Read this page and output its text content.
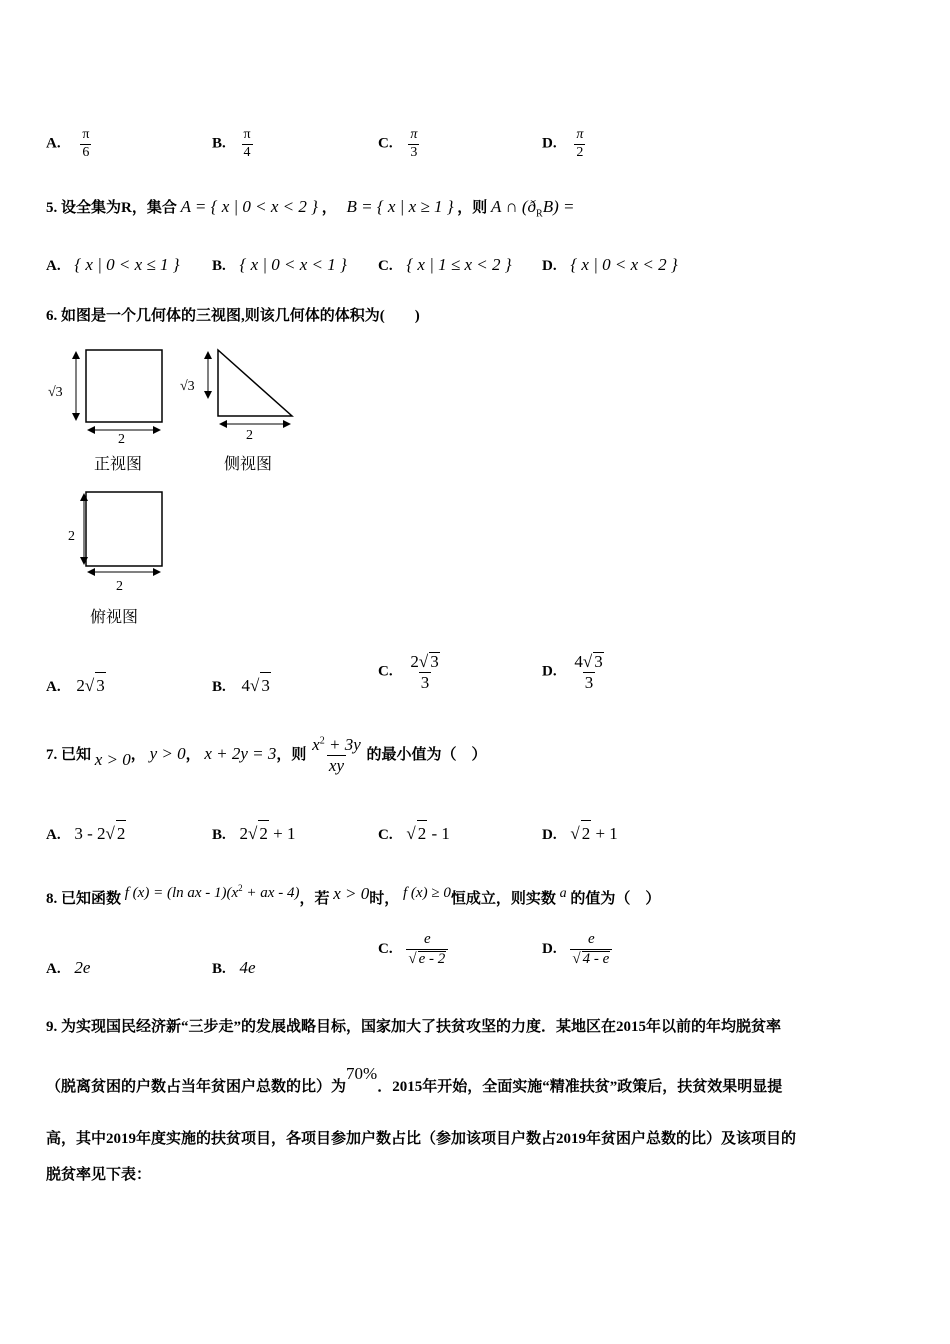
A. $\frac{\pi}{6}$	B. $\frac{\pi}{4}$	C. $\frac{\pi}{3}$	D. $\frac{\pi}{2}$
5. 设全集为R，集合 A = { x | 0 < x < 2 } ， B = { x | x ≥ 1 } ，则 A ∩ $(ð_RB)$ =
A. { x | 0 < x ≤ 1 } B. { x | 0 < x < 1 } C. { x | 1 ≤ x < 2 } D. { x | 0 < x < 2 }
6. 如图是一个几何体的三视图,则该几何体的体积为(　　)
√3
2
正视图
√3
2
侧视图
2
2
俯视图
A. 2√ 3	B. 4√ 3
C. $\frac{2√ 3}{3}$	D. $\frac{4√ 3}{3}$
7. 已知 x > 0， y > 0， x + 2y = 3，则 $\frac{x^2 + 3y}{xy}$ 的最小值为（　）
A. 3 - 2√ 2	B. 2√ 2 + 1	C. √ 2 - 1	D. √ 2 + 1
8. 已知函数 f (x) = (ln ax - $1)(x^2$ + ax - 4)，若 x > 0时， f (x) ≥ 0恒成立，则实数 a 的值为（　）
A. 2e	B. 4e
C. $\frac{e}{√ e - 2}$	D. $\frac{e}{√ 4 - e}$
9. 为实现国民经济新“三步走”的发展战略目标，国家加大了扶贫攻坚的力度．某地区在2015年以前的年均脱贫率
（脱离贫困的户数占当年贫困户总数的比）为70%．2015年开始，全面实施“精准扶贫”政策后，扶贫效果明显提
高，其中2019年度实施的扶贫项目，各项目参加户数占比（参加该项目户数占2019年贫困户总数的比）及该项目的
脱贫率见下表：
